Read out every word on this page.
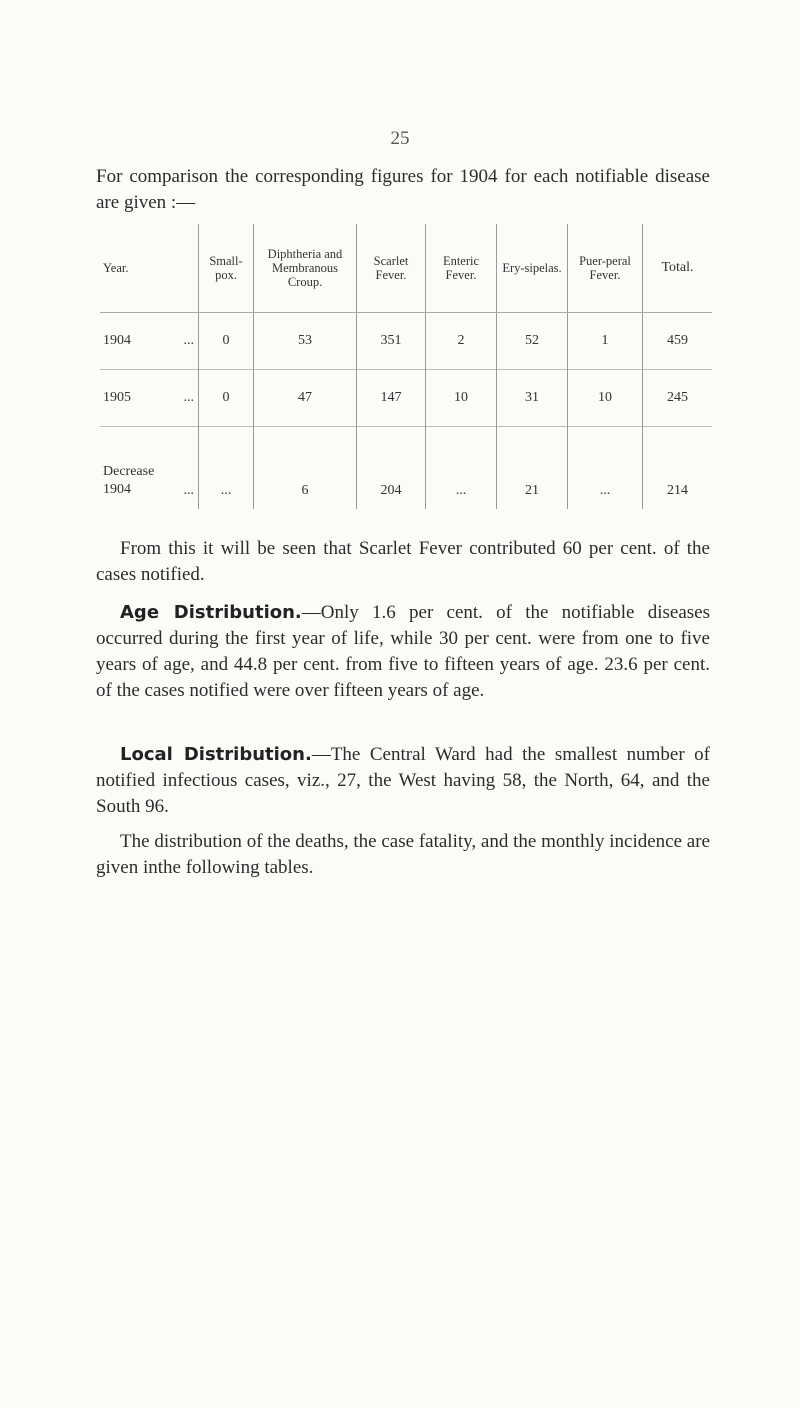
25
For comparison the corresponding figures for 1904 for each notifiable disease are given :—
Year.	Small-pox.	Diphtheria and Membranous Croup.	Scarlet Fever.	Enteric Fever.	Ery-sipelas.	Puer-peral Fever.	Total.
1904 ...	0	53	351	2	52	1	459
1905 ...	0	47	147	10	31	10	245
Decrease 1904 ...	...	6	204	...	21	...	214
From this it will be seen that Scarlet Fever contributed 60 per cent. of the cases notified.
Age Distribution.—Only 1.6 per cent. of the notifiable diseases occurred during the first year of life, while 30 per cent. were from one to five years of age, and 44.8 per cent. from five to fifteen years of age. 23.6 per cent. of the cases notified were over fifteen years of age.
Local Distribution.—The Central Ward had the smallest number of notified infectious cases, viz., 27, the West having 58, the North, 64, and the South 96.
The distribution of the deaths, the case fatality, and the monthly incidence are given inthe following tables.
